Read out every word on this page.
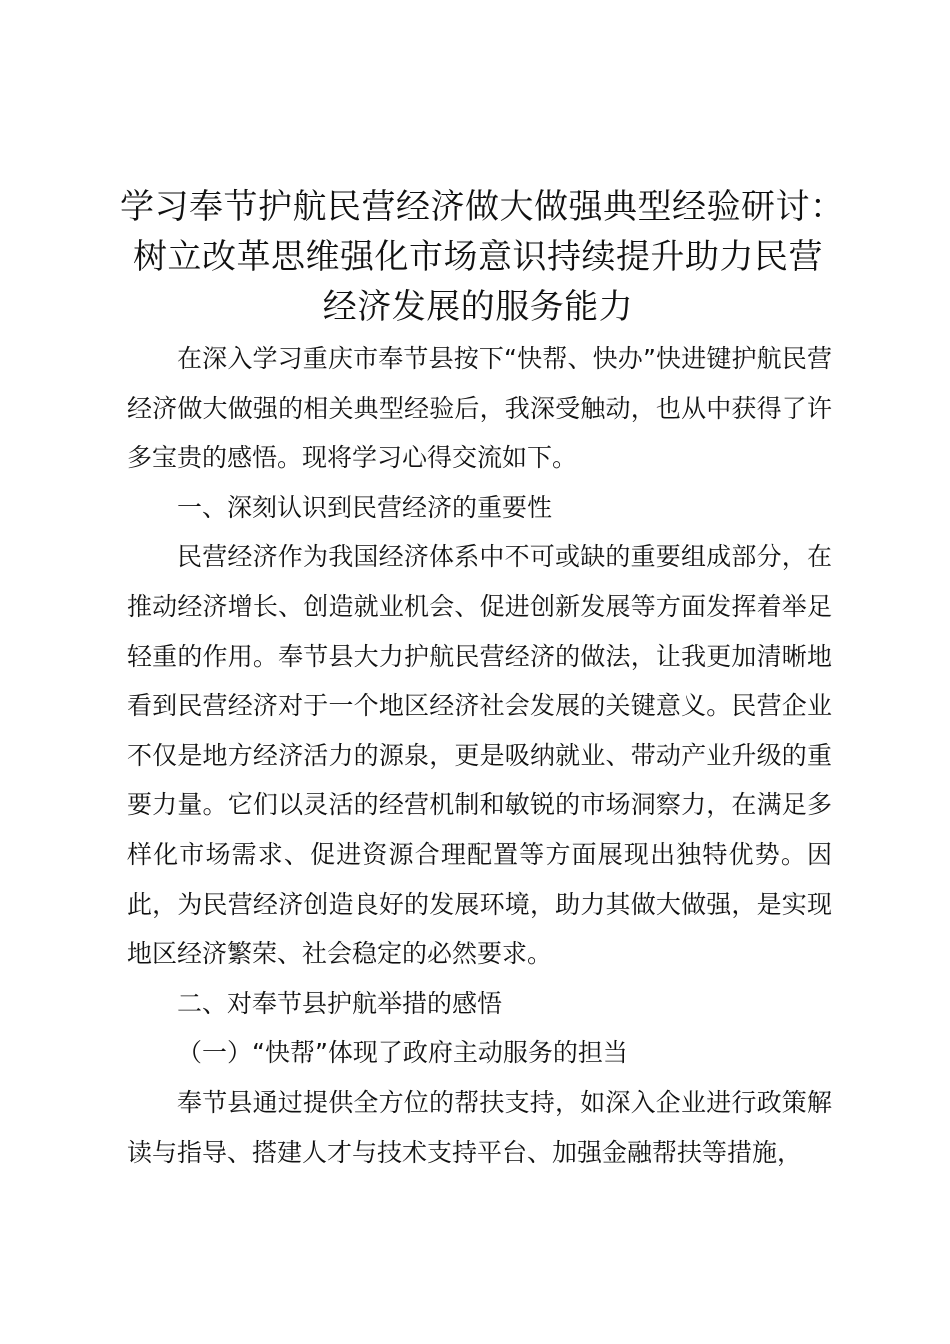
学习奉节护航民营经济做大做强典型经验研讨：
树立改革思维强化市场意识持续提升助力民营
经济发展的服务能力

在深入学习重庆市奉节县按下“快帮、快办”快进键护航民营经济做大做强的相关典型经验后，我深受触动，也从中获得了许多宝贵的感悟。现将学习心得交流如下。

一、深刻认识到民营经济的重要性

民营经济作为我国经济体系中不可或缺的重要组成部分，在推动经济增长、创造就业机会、促进创新发展等方面发挥着举足轻重的作用。奉节县大力护航民营经济的做法，让我更加清晰地看到民营经济对于一个地区经济社会发展的关键意义。民营企业不仅是地方经济活力的源泉，更是吸纳就业、带动产业升级的重要力量。它们以灵活的经营机制和敏锐的市场洞察力，在满足多样化市场需求、促进资源合理配置等方面展现出独特优势。因此，为民营经济创造良好的发展环境，助力其做大做强，是实现地区经济繁荣、社会稳定的必然要求。

二、对奉节县护航举措的感悟

（一）“快帮”体现了政府主动服务的担当

奉节县通过提供全方位的帮扶支持，如深入企业进行政策解读与指导、搭建人才与技术支持平台、加强金融帮扶等措施，
